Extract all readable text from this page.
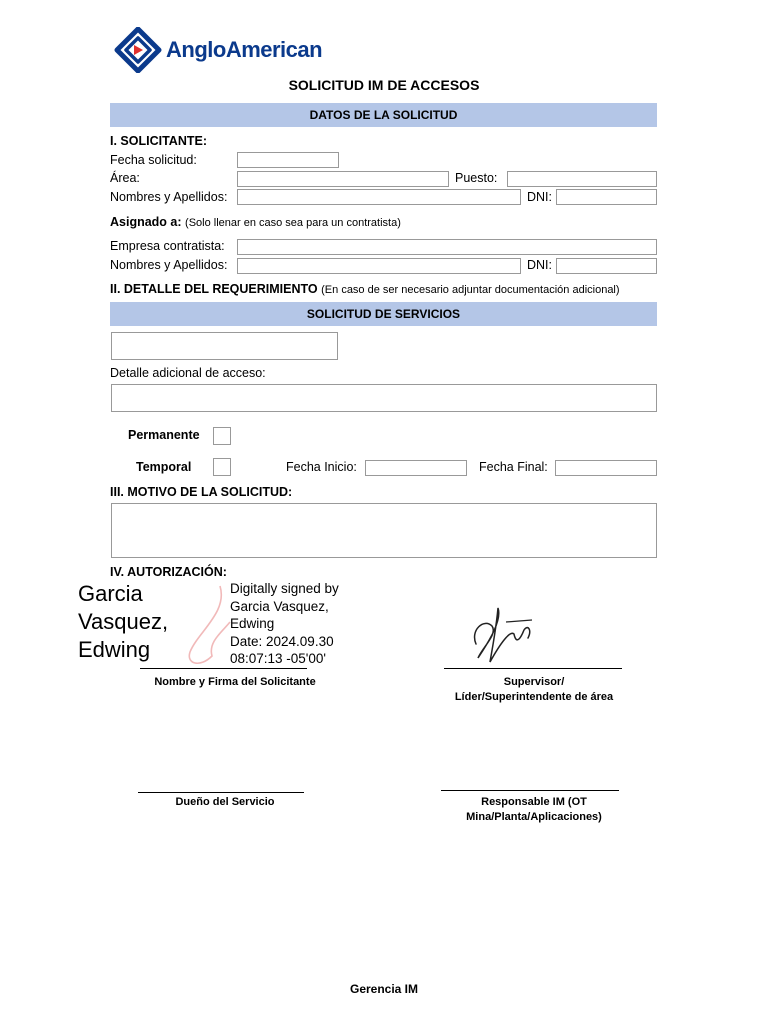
AngloAmerican
SOLICITUD IM DE ACCESOS
DATOS DE LA SOLICITUD
I. SOLICITANTE:
Fecha solicitud:
Área:	Puesto:
Nombres y Apellidos:	DNI:
Asignado a: (Solo llenar en caso sea para un contratista)
Empresa contratista:
Nombres y Apellidos:	DNI:
II. DETALLE DEL REQUERIMIENTO (En caso de ser necesario adjuntar documentación adicional)
SOLICITUD DE SERVICIOS
Detalle adicional de acceso:
Permanente
Temporal	Fecha Inicio:	Fecha Final:
III. MOTIVO DE LA SOLICITUD:
IV. AUTORIZACIÓN:
Garcia
Vasquez,
Edwing
Digitally signed by
Garcia Vasquez,
Edwing
Date: 2024.09.30
08:07:13 -05'00'
Nombre y Firma del Solicitante	Supervisor/
Líder/Superintendente de área
Dueño del Servicio	Responsable IM (OT
Mina/Planta/Aplicaciones)
Gerencia IM
